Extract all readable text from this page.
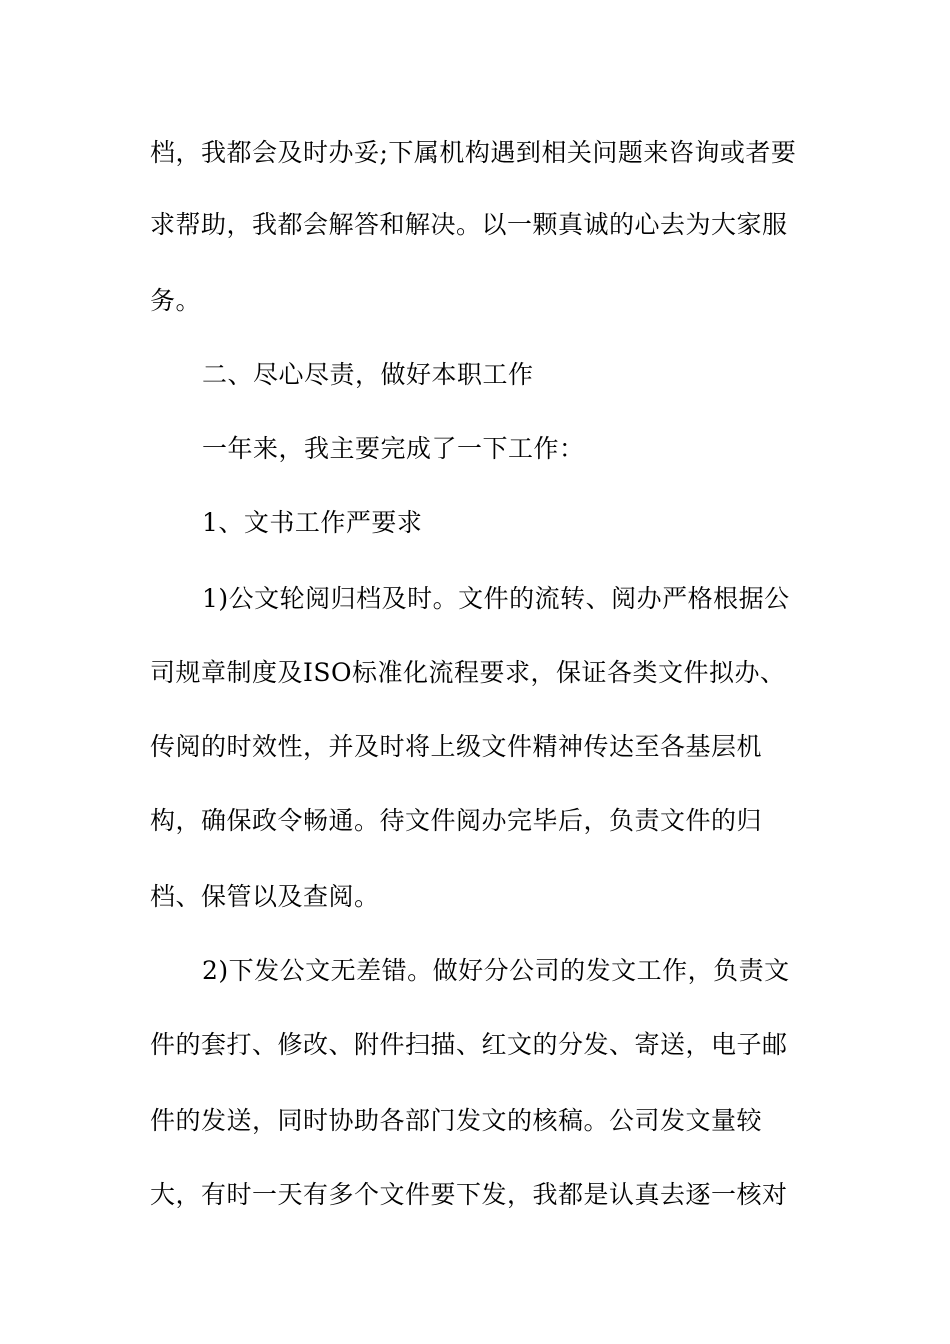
档，我都会及时办妥;下属机构遇到相关问题来咨询或者要
求帮助，我都会解答和解决。以一颗真诚的心去为大家服
务。
二、尽心尽责，做好本职工作
一年来，我主要完成了一下工作：
1、文书工作严要求
1)公文轮阅归档及时。文件的流转、阅办严格根据公
司规章制度及ISO标准化流程要求，保证各类文件拟办、
传阅的时效性，并及时将上级文件精神传达至各基层机
构，确保政令畅通。待文件阅办完毕后，负责文件的归
档、保管以及查阅。
2)下发公文无差错。做好分公司的发文工作，负责文
件的套打、修改、附件扫描、红文的分发、寄送，电子邮
件的发送，同时协助各部门发文的核稿。公司发文量较
大，有时一天有多个文件要下发，我都是认真去逐一核对
